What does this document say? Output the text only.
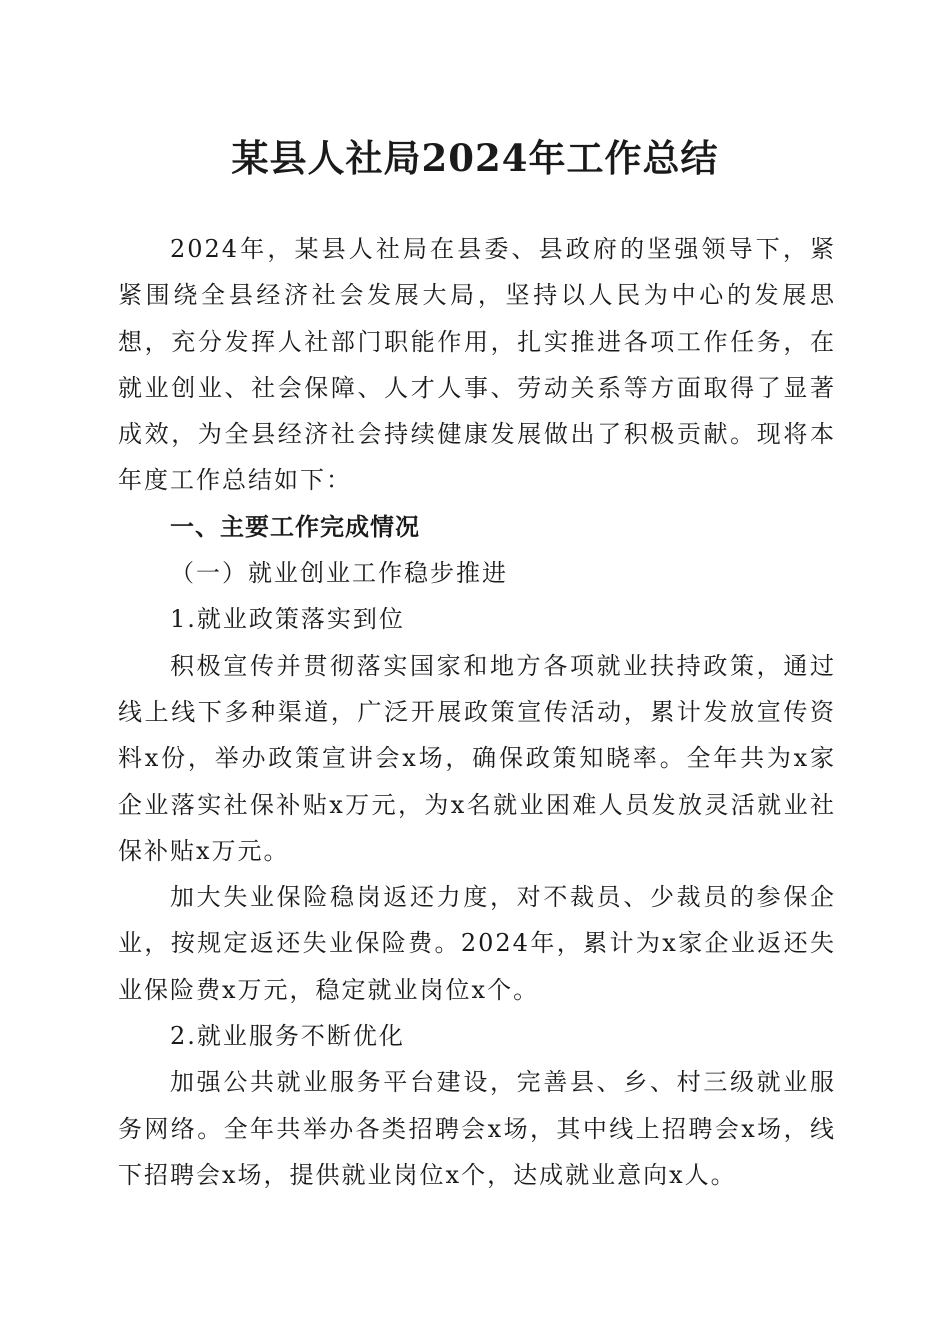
某县人社局2024年工作总结

2024年，某县人社局在县委、县政府的坚强领导下，紧紧围绕全县经济社会发展大局，坚持以人民为中心的发展思想，充分发挥人社部门职能作用，扎实推进各项工作任务，在就业创业、社会保障、人才人事、劳动关系等方面取得了显著成效，为全县经济社会持续健康发展做出了积极贡献。现将本年度工作总结如下：

一、主要工作完成情况

（一）就业创业工作稳步推进

1.就业政策落实到位

积极宣传并贯彻落实国家和地方各项就业扶持政策，通过线上线下多种渠道，广泛开展政策宣传活动，累计发放宣传资料x份，举办政策宣讲会x场，确保政策知晓率。全年共为x家企业落实社保补贴x万元，为x名就业困难人员发放灵活就业社保补贴x万元。

加大失业保险稳岗返还力度，对不裁员、少裁员的参保企业，按规定返还失业保险费。2024年，累计为x家企业返还失业保险费x万元，稳定就业岗位x个。

2.就业服务不断优化

加强公共就业服务平台建设，完善县、乡、村三级就业服务网络。全年共举办各类招聘会x场，其中线上招聘会x场，线下招聘会x场，提供就业岗位x个，达成就业意向x人。
